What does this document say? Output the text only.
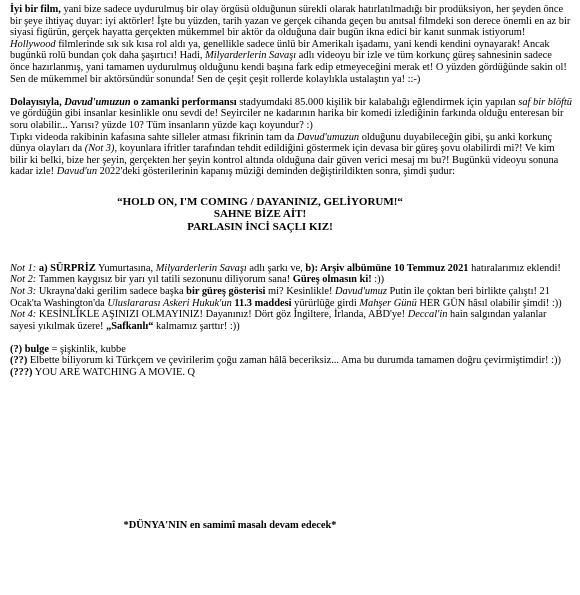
İyi bir film, yani bize sadece uydurulmuş bir olay örgüsü olduğunun sürekli olarak hatırlatılmadığı bir prodüksiyon, her şeyden önce bir şeye ihtiyaç duyar: iyi aktörler! İşte bu yüzden, tarih yazan ve gerçek cihanda geçen bu anıtsal filmdeki son derece önemli en az bir siyasi figürün, gerçek hayatta gerçekten mükemmel bir aktör da olduğuna dair bugün ikna edici bir kanıt sunmak istiyorum! Hollywood filmlerinde sık sık kısa rol aldı ya, genellikle sadece ünlü bir Amerikalı işadamı, yani kendi kendini oynayarak! Ancak bugünkü rolü bundan çok daha şaşırtıcı! Hadi, Milyarderlerin Savaşı adlı videoyu bir izle ve tüm korkunç güreş sahnesinin sadece önce hazırlanmış, yani tamamen uydurulmuş olduğunu kendi başına fark edip etmeyeceğini merak et! O yüzden gördüğünde sakin ol! Sen de mükemmel bir aktörsündür sonunda! Sen de çeşit çeşit rollerde kolaylıkla ustalaştın ya! ::-)

Dolayısıyla, Davud'umuzun o zamanki performansı stadyumdaki 85.000 kişilik bir kalabalığı eğlendirmek için yapılan saf bir blöftü ve gördüğün gibi insanlar kesinlikle onu sevdi de! Seyirciler ne kadarının harika bir komedi izlediğinin farkında olduğu enteresan bir soru olabilir... Yarısı? yüzde 10? Tüm insanların yüzde kaçı koyundur? :)

Tıpkı videoda rakibinin kafasına sahte silleler atması fikrinin tam da Davud'umuzun olduğunu duyabileceğin gibi, şu anki korkunç dünya olayları da (Not 3), koyunlara ifritler tarafından tehdit edildiğini göstermek için devasa bir güreş şovu olabilirdi mi?! Ve kim bilir ki belki, bize her şeyin, gerçekten her şeyin kontrol altında olduğuna dair güven verici mesaj mı bu?! Bugünkü videoyu sonuna kadar izle! Davud'un 2022'deki gösterilerinin kapanış müziği deminden değiştirildikten sonra, şimdi şudur:

“HOLD ON, I'M COMING / DAYANINIZ, GELİYORUM!“

SAHNE BİZE AİT!

PARLASIN İNCİ SAÇLI KIZ!

Not 1: a) SÜRPRİZ Yumurtasına, Milyarderlerin Savaşı adlı şarkı ve, b): Arşiv albümüne 10 Temmuz 2021 hatıralarımız eklendi!

Not 2: Tammen kaygısız bir yarı yıl tatili sezonunu diliyorum sana! Güreş olmasın ki! :))

Not 3: Ukrayna'daki gerilim sadece başka bir güreş gösterisi mi? Kesinlikle! Davud'umuz Putin ile çoktan beri birlikte çalıştı! 21 Ocak'ta Washington'da Uluslararası Askeri Hukuk'un 11.3 maddesi yürürlüğe girdi Mahşer Günü HER GÜN hâsıl olabilir şimdi! :))

Not 4: KESİNLİKLE AŞINIZI OLMAYINIZ! Dayanınız! Dört göz İngiltere, İrlanda, ABD'ye! Deccal'in hain salgından yalanlar sayesi yıkılmak üzere! „Safkanlı“ kalmamız şarttır! :))

(?) bulge = şişkinlik, kubbe

(??) Elbette biliyorum ki Türkçem ve çevirilerim çoğu zaman hâlâ beceriksiz... Ama bu durumda tamamen doğru çevirmiştimdir! :))

(???) YOU ARE WATCHING A MOVIE. Q

*DÜNYA'NIN en samimî masalı devam edecek*
